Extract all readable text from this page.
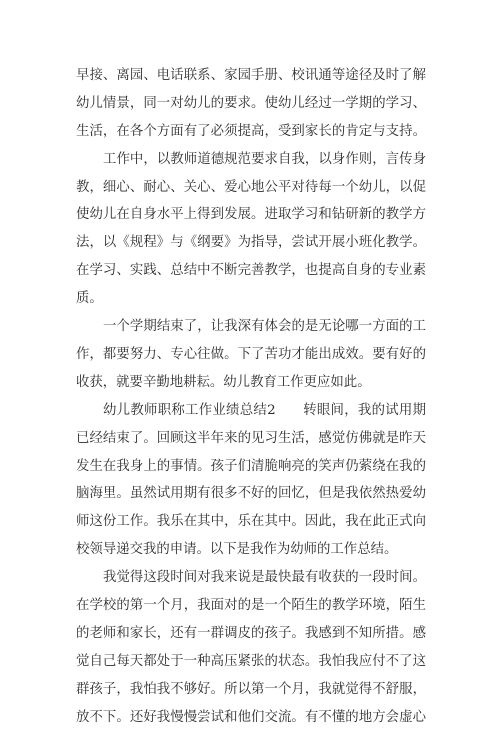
早接、离园、电话联系、家园手册、校讯通等途径及时了解
幼儿情景，同一对幼儿的要求。使幼儿经过一学期的学习、
生活，在各个方面有了必须提高，受到家长的肯定与支持。
工作中，以教师道德规范要求自我，以身作则，言传身
教，细心、耐心、关心、爱心地公平对待每一个幼儿，以促
使幼儿在自身水平上得到发展。进取学习和钻研新的教学方
法，以《规程》与《纲要》为指导，尝试开展小班化教学。
在学习、实践、总结中不断完善教学，也提高自身的专业素
质。
一个学期结束了，让我深有体会的是无论哪一方面的工
作，都要努力、专心往做。下了苦功才能出成效。要有好的
收获，就要辛勤地耕耘。幼儿教育工作更应如此。
幼儿教师职称工作业绩总结2　　转眼间，我的试用期
已经结束了。回顾这半年来的见习生活，感觉仿佛就是昨天
发生在我身上的事情。孩子们清脆响亮的笑声仍萦绕在我的
脑海里。虽然试用期有很多不好的回忆，但是我依然热爱幼
师这份工作。我乐在其中，乐在其中。因此，我在此正式向
校领导递交我的申请。以下是我作为幼师的工作总结。
我觉得这段时间对我来说是最快最有收获的一段时间。
在学校的第一个月，我面对的是一个陌生的教学环境，陌生
的老师和家长，还有一群调皮的孩子。我感到不知所措。感
觉自己每天都处于一种高压紧张的状态。我怕我应付不了这
群孩子，我怕我不够好。所以第一个月，我就觉得不舒服，
放不下。还好我慢慢尝试和他们交流。有不懂的地方会虚心
